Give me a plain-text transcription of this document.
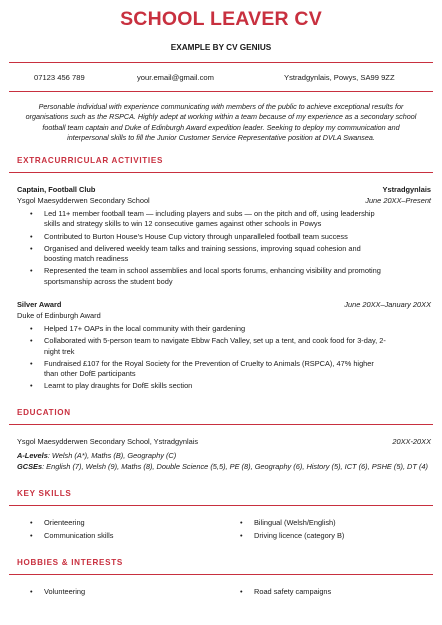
SCHOOL LEAVER CV
EXAMPLE BY CV GENIUS
07123 456 789	your.email@gmail.com	Ystradgynlais, Powys, SA99 9ZZ
Personable individual with experience communicating with members of the public to achieve exceptional results for organisations such as the RSPCA. Highly adept at working within a team because of my experience as a secondary school football team captain and Duke of Edinburgh Award expedition leader. Seeking to deploy my communication and interpersonal skills to fill the Junior Customer Service Representative position at DVLA Swansea.
EXTRACURRICULAR ACTIVITIES
Captain, Football Club	Ystradgynlais
Ysgol Maesydderwen Secondary School	June 20XX–Present
• Led 11+ member football team — including players and subs — on the pitch and off, using leadership skills and strategy skills to win 12 consecutive games against other schools in Powys
• Contributed to Burton House's House Cup victory through unparalleled football team success
• Organised and delivered weekly team talks and training sessions, improving squad cohesion and boosting match readiness
• Represented the team in school assemblies and local sports forums, enhancing visibility and promoting sportsmanship across the student body
Silver Award	June 20XX–January 20XX
Duke of Edinburgh Award
• Helped 17+ OAPs in the local community with their gardening
• Collaborated with 5-person team to navigate Ebbw Fach Valley, set up a tent, and cook food for 3-day, 2-night trek
• Fundraised £107 for the Royal Society for the Prevention of Cruelty to Animals (RSPCA), 47% higher than other DofE participants
• Learnt to play draughts for DofE skills section
EDUCATION
Ysgol Maesydderwen Secondary School, Ystradgynlais	20XX-20XX
A-Levels: Welsh (A*), Maths (B), Geography (C)
GCSEs: English (7), Welsh (9), Maths (8), Double Science (5,5), PE (8), Geography (6), History (5), ICT (6), PSHE (5), DT (4)
KEY SKILLS
• Orienteering
• Communication skills
• Bilingual (Welsh/English)
• Driving licence (category B)
HOBBIES & INTERESTS
• Volunteering
•	Road safety campaigns
